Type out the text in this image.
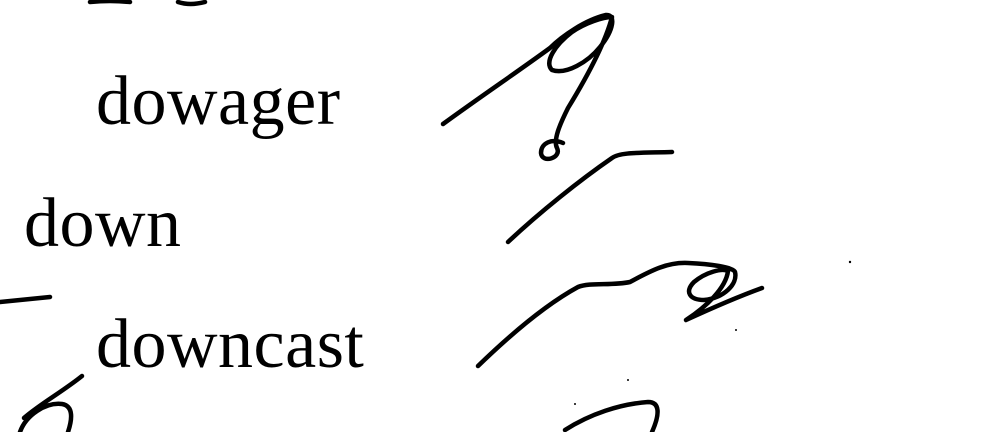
dowager
down
downcast
